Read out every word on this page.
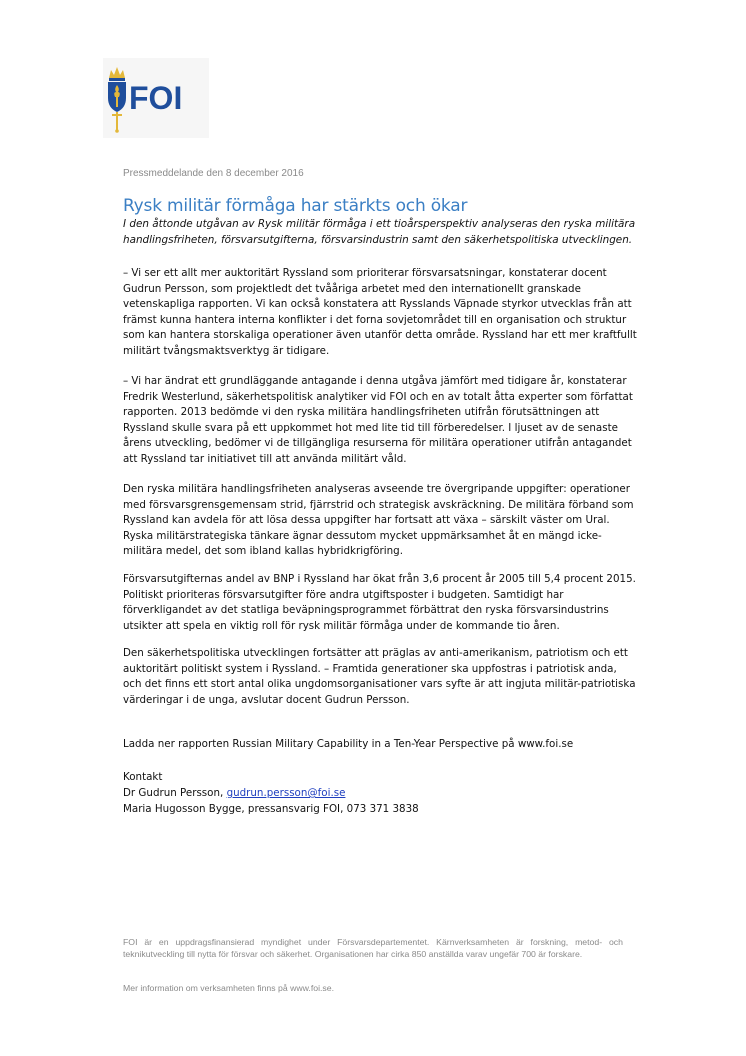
FOI
Pressmeddelande den 8 december 2016
Rysk militär förmåga har stärkts och ökar

I den åttonde utgåvan av Rysk militär förmåga i ett tioårsperspektiv analyseras den ryska militära handlingsfriheten, försvarsutgifterna, försvarsindustrin samt den säkerhetspolitiska utvecklingen.

– Vi ser ett allt mer auktoritärt Ryssland som prioriterar försvarsatsningar, konstaterar docent Gudrun Persson, som projektledt det tvååriga arbetet med den internationellt granskade vetenskapliga rapporten. Vi kan också konstatera att Rysslands Väpnade styrkor utvecklas från att främst kunna hantera interna konflikter i det forna sovjetområdet till en organisation och struktur som kan hantera storskaliga operationer även utanför detta område. Ryssland har ett mer kraftfullt militärt tvångsmaktsverktyg är tidigare.

– Vi har ändrat ett grundläggande antagande i denna utgåva jämfört med tidigare år, konstaterar Fredrik Westerlund, säkerhetspolitisk analytiker vid FOI och en av totalt åtta experter som författat rapporten. 2013 bedömde vi den ryska militära handlingsfriheten utifrån förutsättningen att Ryssland skulle svara på ett uppkommet hot med lite tid till förberedelser. I ljuset av de senaste årens utveckling, bedömer vi de tillgängliga resurserna för militära operationer utifrån antagandet att Ryssland tar initiativet till att använda militärt våld.

Den ryska militära handlingsfriheten analyseras avseende tre övergripande uppgifter: operationer med försvarsgrensgemensam strid, fjärrstrid och strategisk avskräckning. De militära förband som Ryssland kan avdela för att lösa dessa uppgifter har fortsatt att växa – särskilt väster om Ural. Ryska militärstrategiska tänkare ägnar dessutom mycket uppmärksamhet åt en mängd icke-militära medel, det som ibland kallas hybridkrigföring.

Försvarsutgifternas andel av BNP i Ryssland har ökat från 3,6 procent år 2005 till 5,4 procent 2015. Politiskt prioriteras försvarsutgifter före andra utgiftsposter i budgeten. Samtidigt har förverkligandet av det statliga beväpningsprogrammet förbättrat den ryska försvarsindustrins utsikter att spela en viktig roll för rysk militär förmåga under de kommande tio åren.

Den säkerhetspolitiska utvecklingen fortsätter att präglas av anti-amerikanism, patriotism och ett auktoritärt politiskt system i Ryssland. – Framtida generationer ska uppfostras i patriotisk anda, och det finns ett stort antal olika ungdomsorganisationer vars syfte är att ingjuta militär-patriotiska värderingar i de unga, avslutar docent Gudrun Persson.

Ladda ner rapporten Russian Military Capability in a Ten-Year Perspective på www.foi.se

Kontakt

Dr Gudrun Persson, gudrun.persson@foi.se

Maria Hugosson Bygge, pressansvarig FOI, 073 371 3838

FOI är en uppdragsfinansierad myndighet under Försvarsdepartementet. Kärnverksamheten är forskning, metod- och teknikutveckling till nytta för försvar och säkerhet. Organisationen har cirka 850 anställda varav ungefär 700 är forskare.

Mer information om verksamheten finns på www.foi.se.
